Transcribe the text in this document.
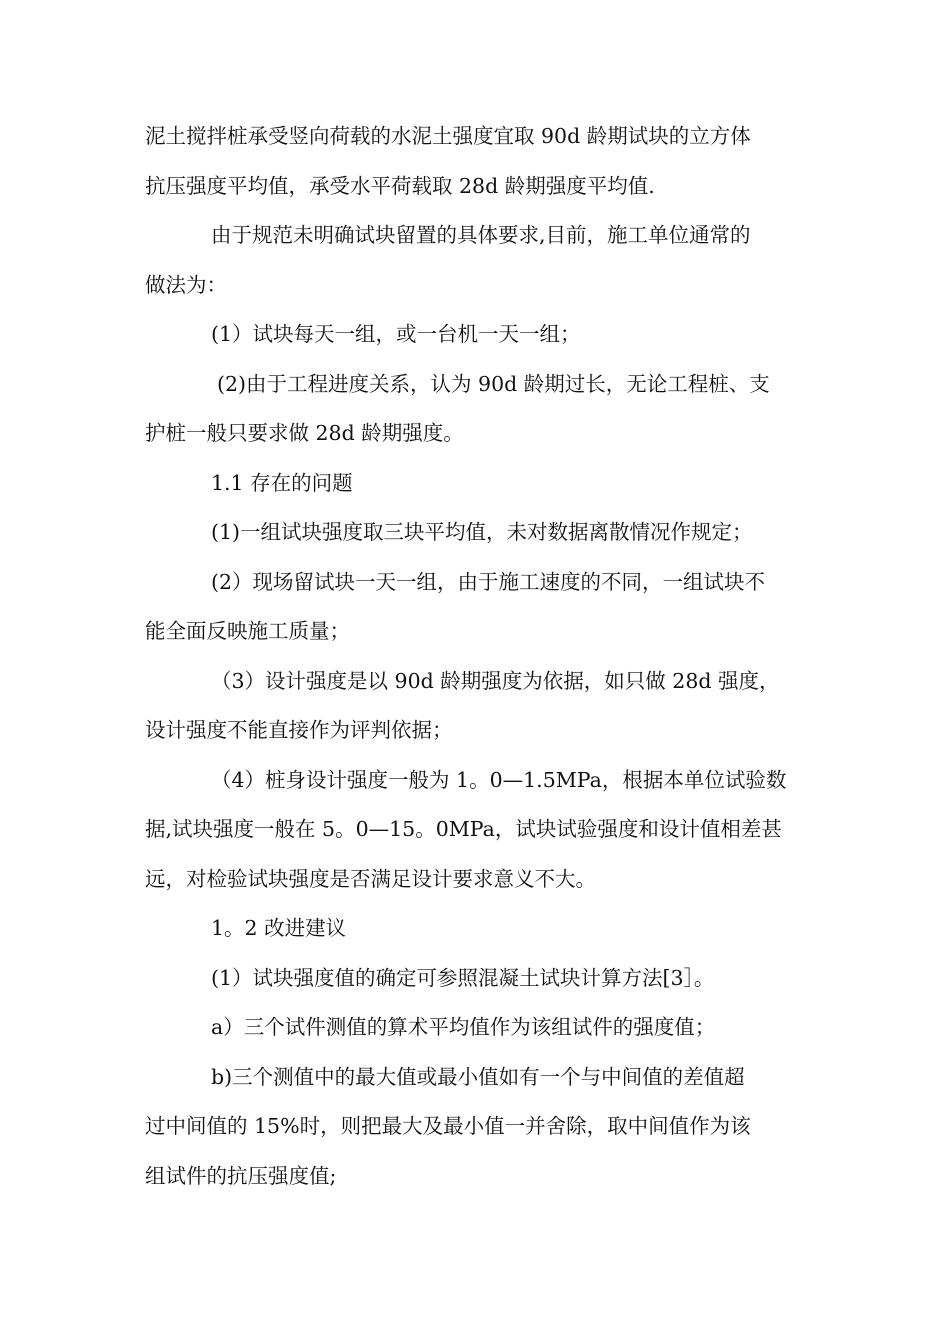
泥土搅拌桩承受竖向荷载的水泥土强度宜取 90d 龄期试块的立方体
抗压强度平均值，承受水平荷载取 28d 龄期强度平均值.
由于规范未明确试块留置的具体要求,目前，施工单位通常的
做法为：
(1）试块每天一组，或一台机一天一组；
(2)由于工程进度关系，认为 90d 龄期过长，无论工程桩、支
护桩一般只要求做 28d 龄期强度。
1.1 存在的问题
(1)一组试块强度取三块平均值，未对数据离散情况作规定；
(2）现场留试块一天一组，由于施工速度的不同，一组试块不
能全面反映施工质量；
（3）设计强度是以 90d 龄期强度为依据，如只做 28d 强度，
设计强度不能直接作为评判依据；
（4）桩身设计强度一般为 1。0—1.5MPa，根据本单位试验数
据,试块强度一般在 5。0—15。0MPa，试块试验强度和设计值相差甚
远，对检验试块强度是否满足设计要求意义不大。
1。2 改进建议
(1）试块强度值的确定可参照混凝土试块计算方法[3］。
a）三个试件测值的算术平均值作为该组试件的强度值；
b)三个测值中的最大值或最小值如有一个与中间值的差值超
过中间值的 15%时，则把最大及最小值一并舍除，取中间值作为该
组试件的抗压强度值;
